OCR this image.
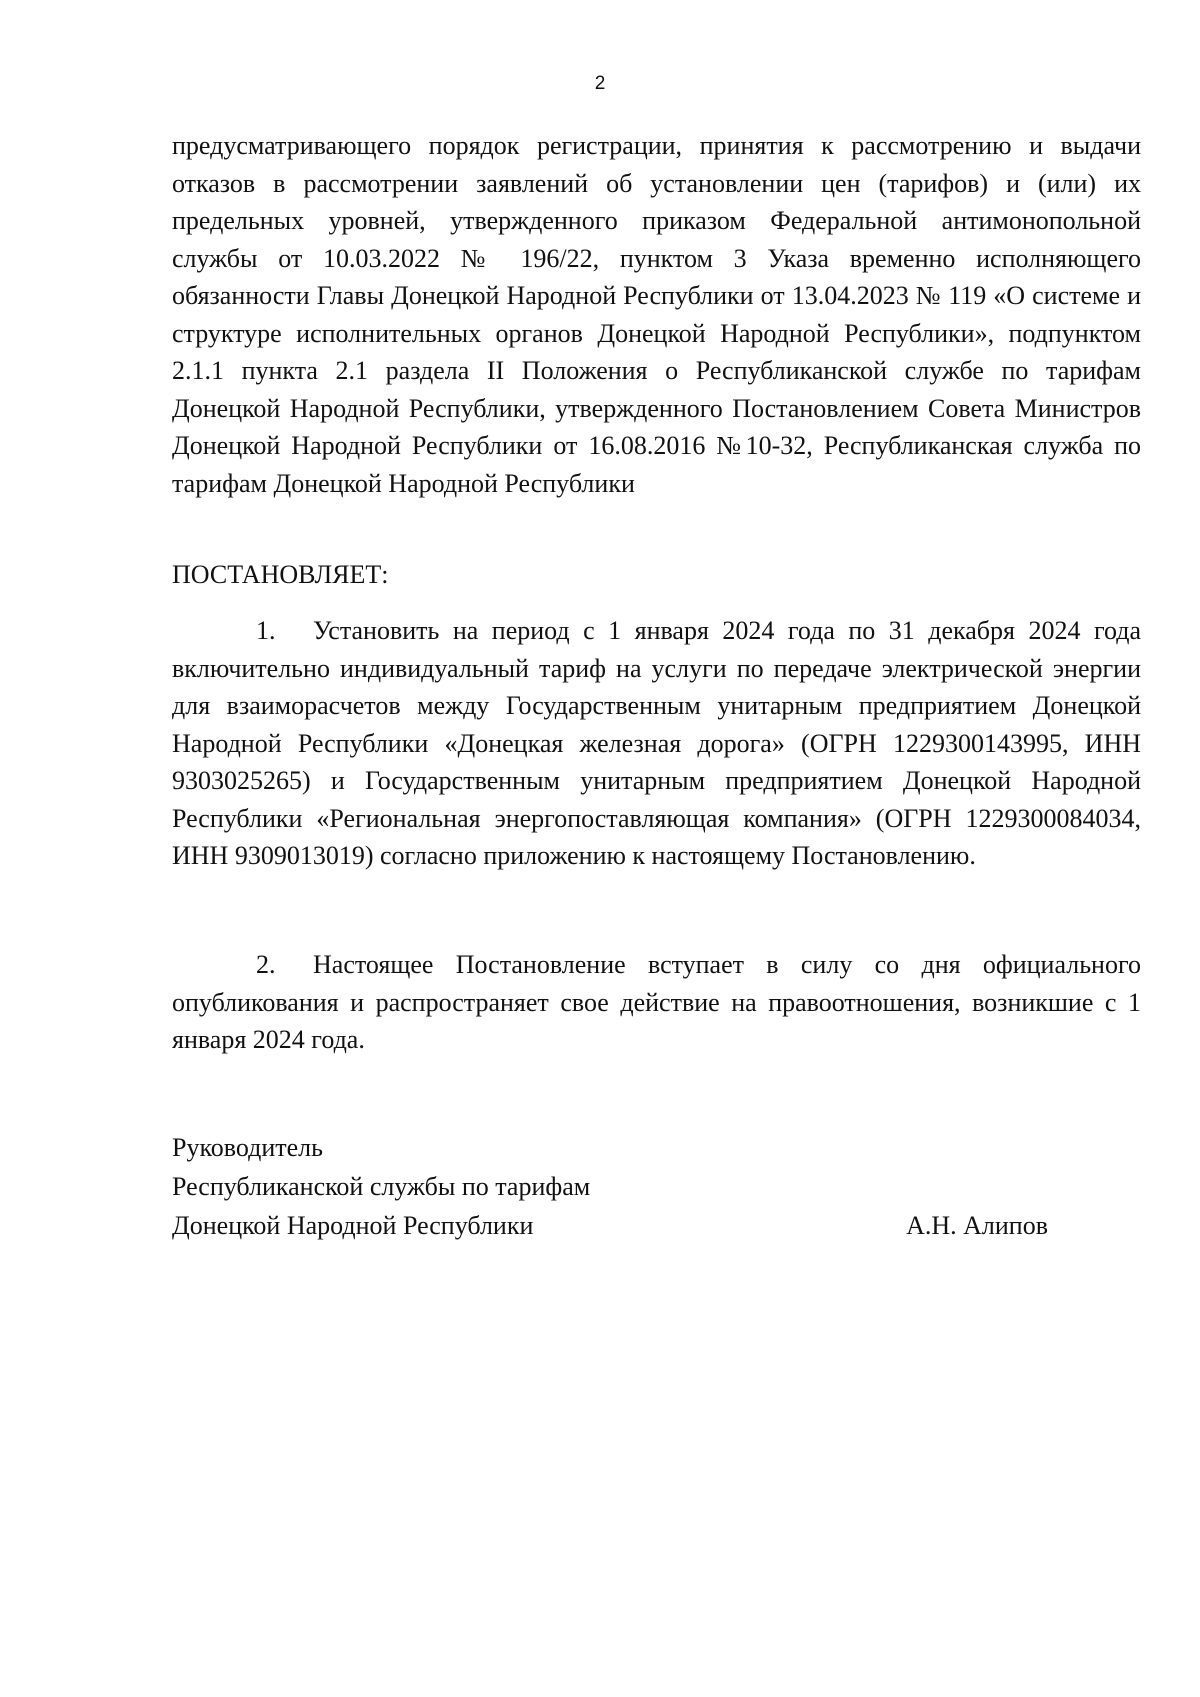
2
предусматривающего порядок регистрации, принятия к рассмотрению и выдачи отказов в рассмотрении заявлений об установлении цен (тарифов) и (или) их предельных уровней, утвержденного приказом Федеральной антимонопольной службы от 10.03.2022 № 196/22, пунктом 3 Указа временно исполняющего обязанности Главы Донецкой Народной Республики от 13.04.2023 № 119 «О системе и структуре исполнительных органов Донецкой Народной Республики», подпунктом 2.1.1 пункта 2.1 раздела II Положения о Республиканской службе по тарифам Донецкой Народной Республики, утвержденного Постановлением Совета Министров Донецкой Народной Республики от 16.08.2016 №10-32, Республиканская служба по тарифам Донецкой Народной Республики
ПОСТАНОВЛЯЕТ:
1. Установить на период с 1 января 2024 года по 31 декабря 2024 года включительно индивидуальный тариф на услуги по передаче электрической энергии для взаиморасчетов между Государственным унитарным предприятием Донецкой Народной Республики «Донецкая железная дорога» (ОГРН 1229300143995, ИНН 9303025265) и Государственным унитарным предприятием Донецкой Народной Республики «Региональная энергопоставляющая компания» (ОГРН 1229300084034, ИНН 9309013019) согласно приложению к настоящему Постановлению.
2. Настоящее Постановление вступает в силу со дня официального опубликования и распространяет свое действие на правоотношения, возникшие с 1 января 2024 года.
Руководитель
Республиканской службы по тарифам
Донецкой Народной Республики	А.Н. Алипов
